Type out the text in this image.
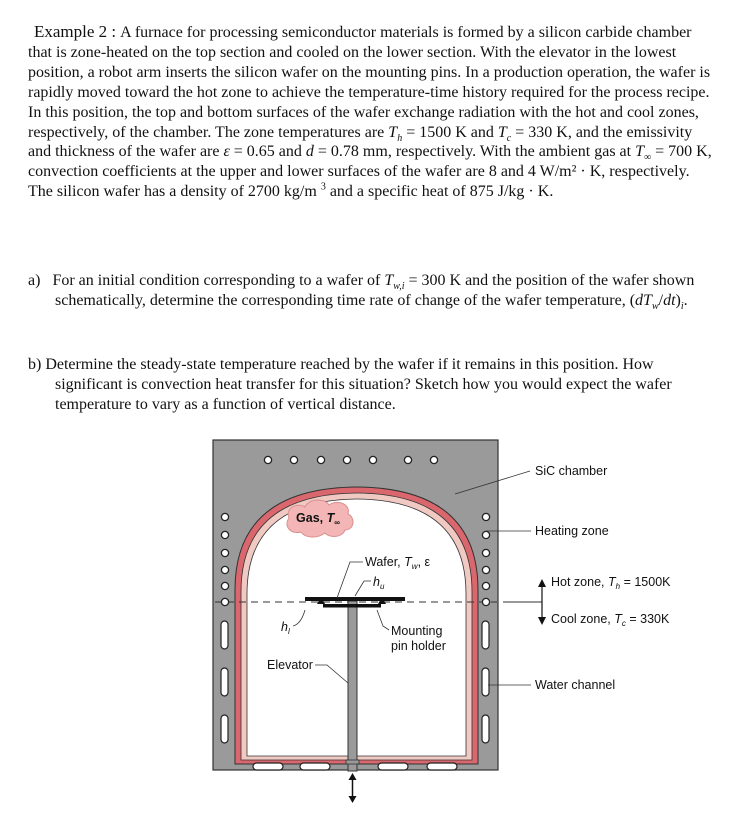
Example 2 : A furnace for processing semiconductor materials is formed by a silicon carbide chamber that is zone-heated on the top section and cooled on the lower section. With the elevator in the lowest position, a robot arm inserts the silicon wafer on the mounting pins. In a production operation, the wafer is rapidly moved toward the hot zone to achieve the temperature-time history required for the process recipe. In this position, the top and bottom surfaces of the wafer exchange radiation with the hot and cool zones, respectively, of the chamber. The zone temperatures are $T_h = 1500$ K and $T_c = 330$ K, and the emissivity and thickness of the wafer are ε = 0.65 and d = 0.78 mm, respectively. With the ambient gas at $T_\infty = 700$ K, convection coefficients at the upper and lower surfaces of the wafer are 8 and 4 W/m² · K, respectively. The silicon wafer has a density of 2700 kg/m $^3$ and a specific heat of 875 J/kg · K.

a) For an initial condition corresponding to a wafer of $T_{w,i} = 300$ K and the position of the wafer shown schematically, determine the corresponding time rate of change of the wafer temperature, $(dT_w/dt)_i$.

b) Determine the steady-state temperature reached by the wafer if it remains in this position. How significant is convection heat transfer for this situation? Sketch how you would expect the wafer temperature to vary as a function of vertical distance.

Gas, $T_\infty$
Wafer, $T_w$, ε
$h_u$
$h_l$	Mounting
pin holder
Elevator
SiC chamber
Heating zone
Hot zone, $T_h = 1500K$
Cool zone, $T_c = 330K$
Water channel
